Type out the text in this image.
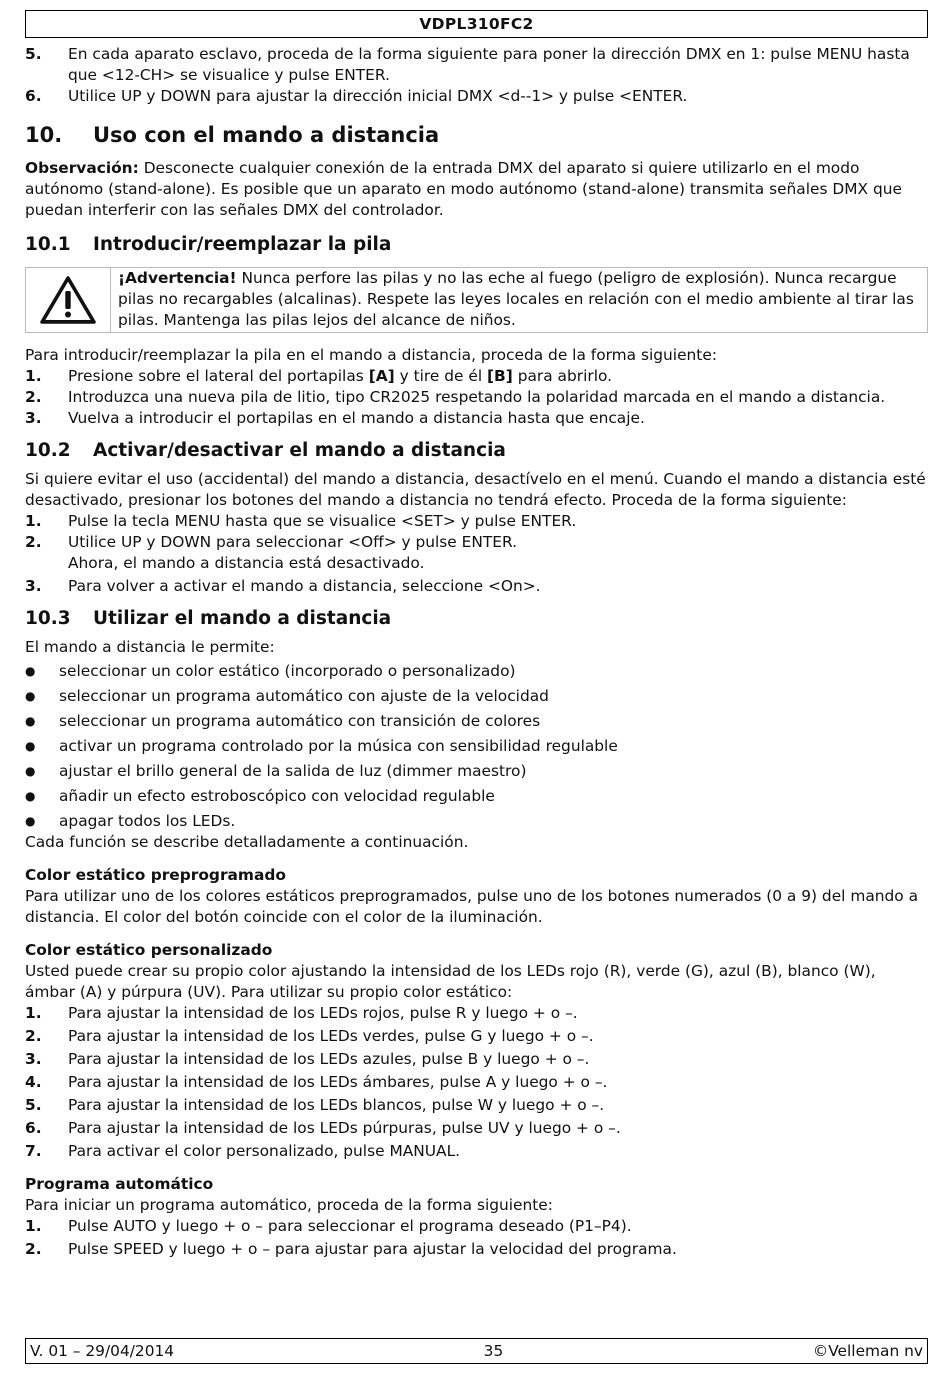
VDPL310FC2
5.	En cada aparato esclavo, proceda de la forma siguiente para poner la dirección DMX en 1: pulse MENU hasta que <12-CH> se visualice y pulse ENTER.
6.	Utilice UP y DOWN para ajustar la dirección inicial DMX <d--1> y pulse <ENTER.
10.	Uso con el mando a distancia

Observación: Desconecte cualquier conexión de la entrada DMX del aparato si quiere utilizarlo en el modo autónomo (stand-alone). Es posible que un aparato en modo autónomo (stand-alone) transmita señales DMX que puedan interferir con las señales DMX del controlador.

10.1	Introducir/reemplazar la pila
¡Advertencia! Nunca perfore las pilas y no las eche al fuego (peligro de explosión). Nunca recargue pilas no recargables (alcalinas). Respete las leyes locales en relación con el medio ambiente al tirar las pilas. Mantenga las pilas lejos del alcance de niños.

Para introducir/reemplazar la pila en el mando a distancia, proceda de la forma siguiente:

1.	Presione sobre el lateral del portapilas [A] y tire de él [B] para abrirlo.
2.	Introduzca una nueva pila de litio, tipo CR2025 respetando la polaridad marcada en el mando a distancia.
3.	Vuelva a introducir el portapilas en el mando a distancia hasta que encaje.
10.2	Activar/desactivar el mando a distancia

Si quiere evitar el uso (accidental) del mando a distancia, desactívelo en el menú. Cuando el mando a distancia esté desactivado, presionar los botones del mando a distancia no tendrá efecto. Proceda de la forma siguiente:

1.	Pulse la tecla MENU hasta que se visualice <SET> y pulse ENTER.
2.	Utilice UP y DOWN para seleccionar <Off> y pulse ENTER.
Ahora, el mando a distancia está desactivado.
3.	Para volver a activar el mando a distancia, seleccione <On>.
10.3	Utilizar el mando a distancia

El mando a distancia le permite:

●	seleccionar un color estático (incorporado o personalizado)
●	seleccionar un programa automático con ajuste de la velocidad
●	seleccionar un programa automático con transición de colores
●	activar un programa controlado por la música con sensibilidad regulable
●	ajustar el brillo general de la salida de luz (dimmer maestro)
●	añadir un efecto estroboscópico con velocidad regulable
●	apagar todos los LEDs.

Cada función se describe detalladamente a continuación.

Color estático preprogramado

Para utilizar uno de los colores estáticos preprogramados, pulse uno de los botones numerados (0 a 9) del mando a distancia. El color del botón coincide con el color de la iluminación.

Color estático personalizado

Usted puede crear su propio color ajustando la intensidad de los LEDs rojo (R), verde (G), azul (B), blanco (W), ámbar (A) y púrpura (UV). Para utilizar su propio color estático:

1.	Para ajustar la intensidad de los LEDs rojos, pulse R y luego + o –.
2.	Para ajustar la intensidad de los LEDs verdes, pulse G y luego + o –.
3.	Para ajustar la intensidad de los LEDs azules, pulse B y luego + o –.
4.	Para ajustar la intensidad de los LEDs ámbares, pulse A y luego + o –.
5.	Para ajustar la intensidad de los LEDs blancos, pulse W y luego + o –.
6.	Para ajustar la intensidad de los LEDs púrpuras, pulse UV y luego + o –.
7.	Para activar el color personalizado, pulse MANUAL.
Programa automático

Para iniciar un programa automático, proceda de la forma siguiente:

1.	Pulse AUTO y luego + o – para seleccionar el programa deseado (P1–P4).
2.	Pulse SPEED y luego + o – para ajustar para ajustar la velocidad del programa.
V. 01 – 29/04/2014	35	©Velleman nv
